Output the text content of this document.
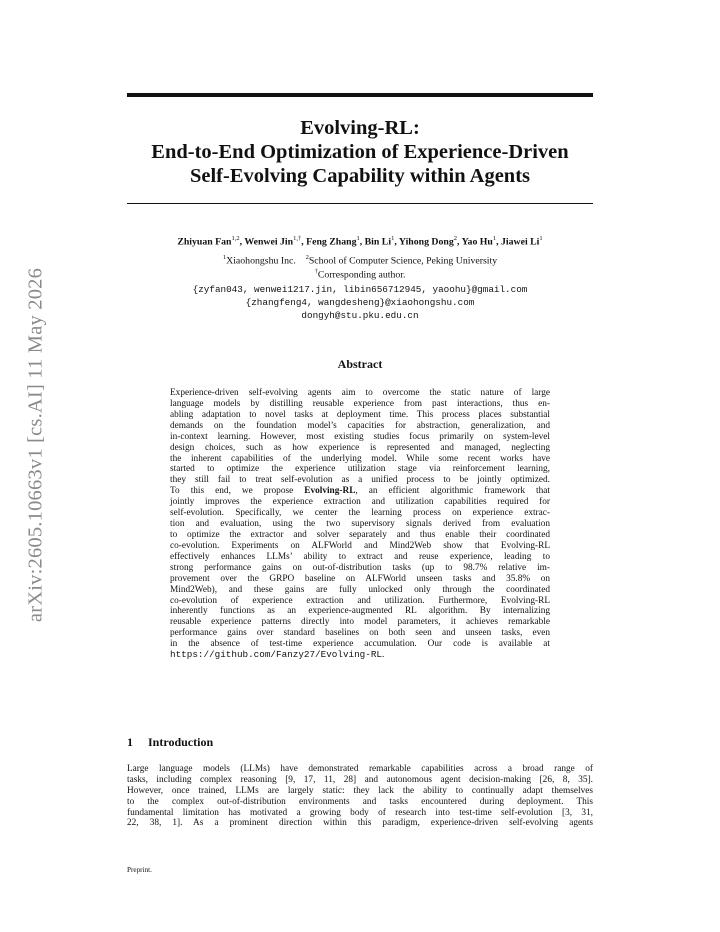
arXiv:2605.10663v1 [cs.AI] 11 May 2026
Evolving-RL:
End-to-End Optimization of Experience-Driven
Self-Evolving Capability within Agents
Zhiyuan Fan$^{1,2}$, Wenwei Jin$^{1,\dagger}$, Feng Zhang$^1$, Bin Li$^1$, Yihong Dong$^2$, Yao Hu$^1$, Jiawei Li$^1$
$^1$Xiaohongshu Inc. $^2$School of Computer Science, Peking University
†Corresponding author.
{zyfan043, wenwei1217.jin, libin656712945, yaoohu}@gmail.com
{zhangfeng4, wangdesheng}@xiaohongshu.com
dongyh@stu.pku.edu.cn
Abstract
Experience-driven self-evolving agents aim to overcome the static nature of large
language models by distilling reusable experience from past interactions, thus en-
abling adaptation to novel tasks at deployment time. This process places substantial
demands on the foundation model’s capacities for abstraction, generalization, and
in-context learning. However, most existing studies focus primarily on system-level
design choices, such as how experience is represented and managed, neglecting
the inherent capabilities of the underlying model. While some recent works have
started to optimize the experience utilization stage via reinforcement learning,
they still fail to treat self-evolution as a unified process to be jointly optimized.
To this end, we propose Evolving-RL, an efficient algorithmic framework that
jointly improves the experience extraction and utilization capabilities required for
self-evolution. Specifically, we center the learning process on experience extrac-
tion and evaluation, using the two supervisory signals derived from evaluation
to optimize the extractor and solver separately and thus enable their coordinated
co-evolution. Experiments on ALFWorld and Mind2Web show that Evolving-RL
effectively enhances LLMs’ ability to extract and reuse experience, leading to
strong performance gains on out-of-distribution tasks (up to 98.7% relative im-
provement over the GRPO baseline on ALFWorld unseen tasks and 35.8% on
Mind2Web), and these gains are fully unlocked only through the coordinated
co-evolution of experience extraction and utilization. Furthermore, Evolving-RL
inherently functions as an experience-augmented RL algorithm. By internalizing
reusable experience patterns directly into model parameters, it achieves remarkable
performance gains over standard baselines on both seen and unseen tasks, even
in the absence of test-time experience accumulation. Our code is available at
https://github.com/Fanzy27/Evolving-RL.
1 Introduction
Large language models (LLMs) have demonstrated remarkable capabilities across a broad range of
tasks, including complex reasoning [9, 17, 11, 28] and autonomous agent decision-making [26, 8, 35].
However, once trained, LLMs are largely static: they lack the ability to continually adapt themselves
to the complex out-of-distribution environments and tasks encountered during deployment. This
fundamental limitation has motivated a growing body of research into test-time self-evolution [3, 31,
22, 38, 1]. As a prominent direction within this paradigm, experience-driven self-evolving agents
Preprint.
